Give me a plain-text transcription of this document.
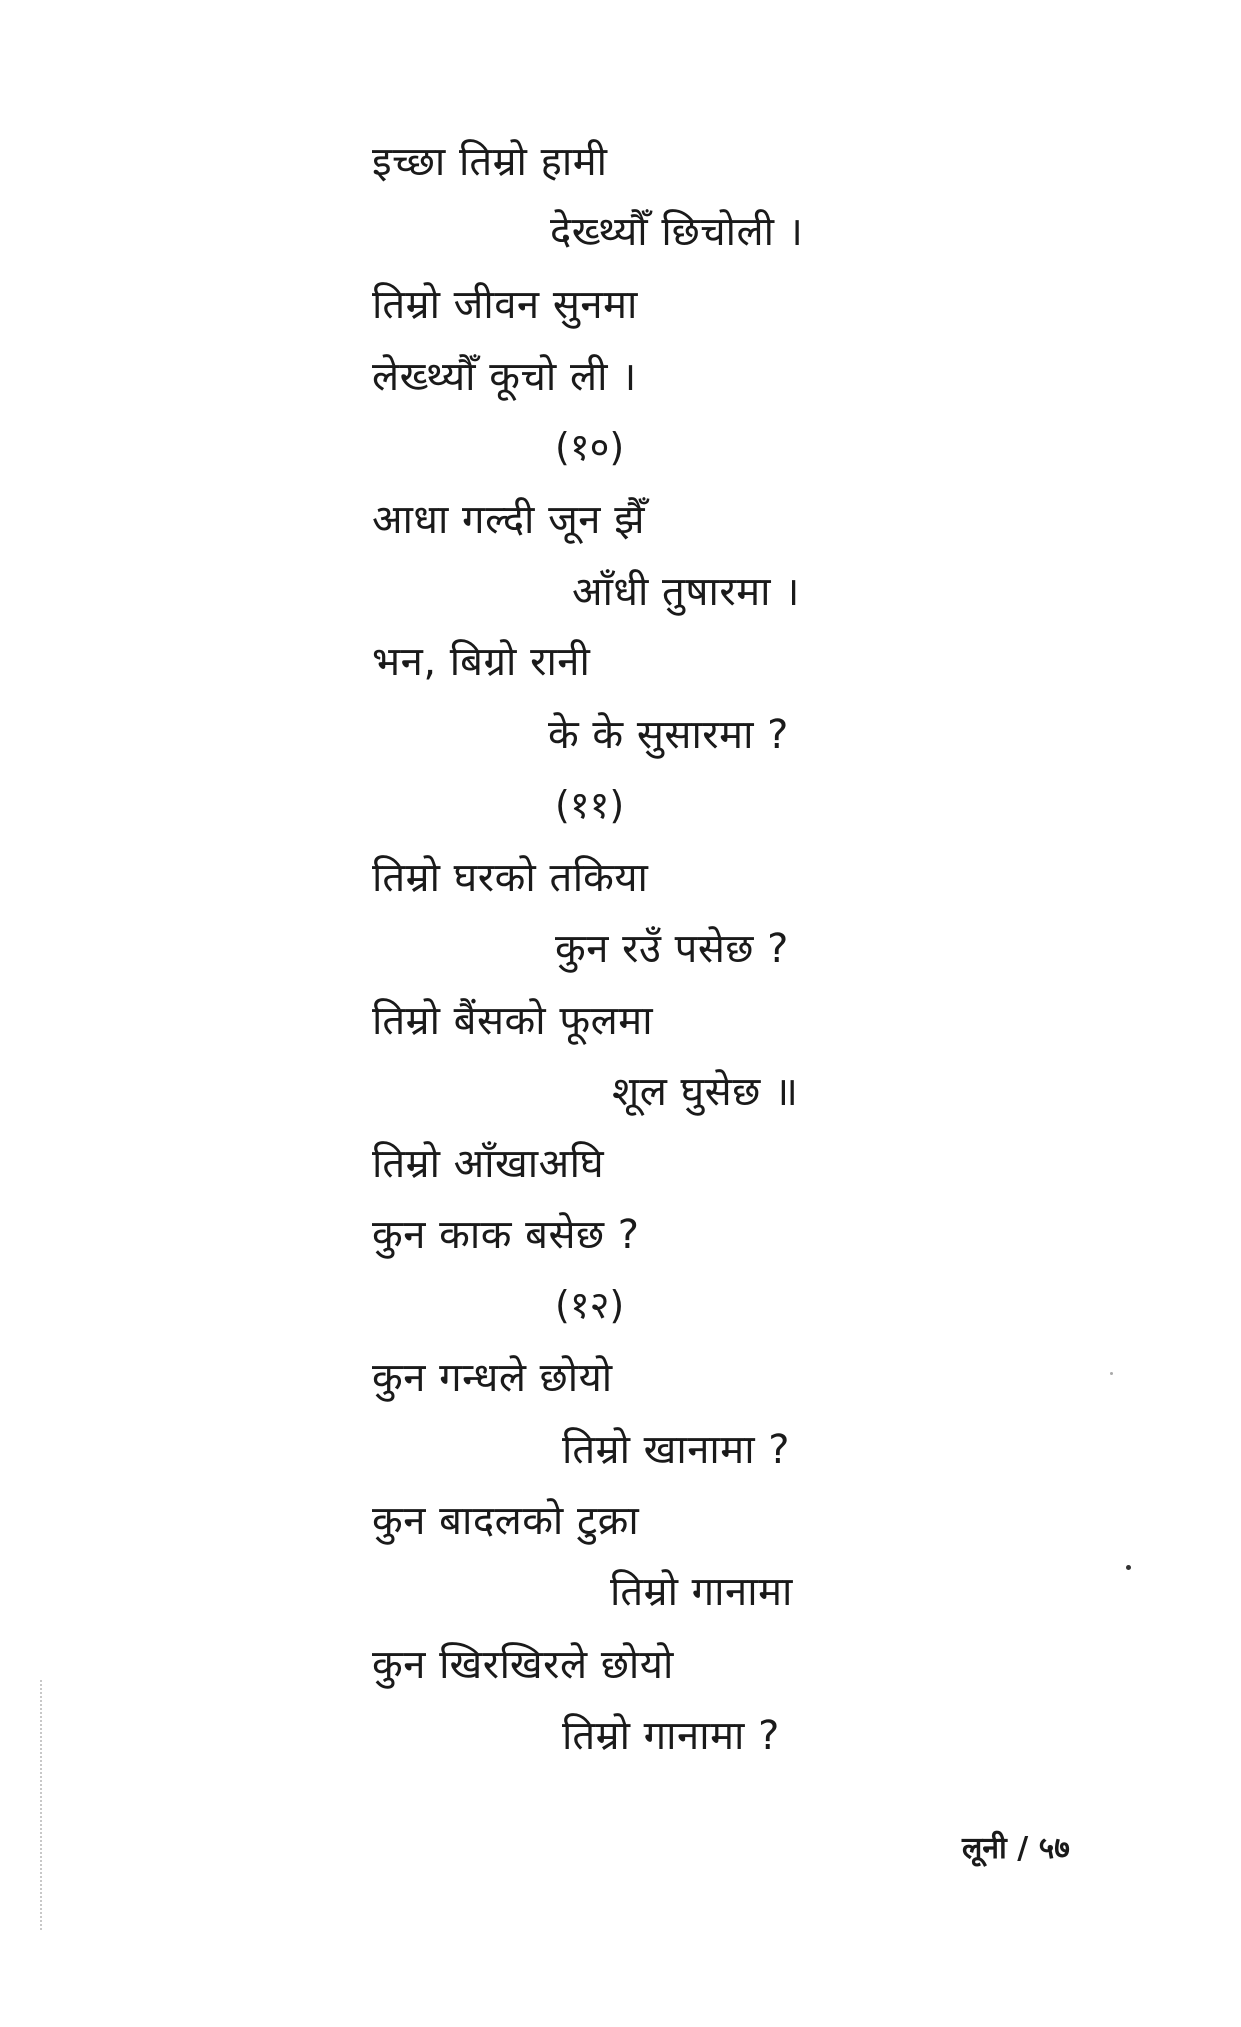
इच्छा तिम्रो हामी
देख्थ्यौँ छिचोली ।
तिम्रो जीवन सुनमा
लेख्थ्यौँ कूचो ली ।
(१०)
आधा गल्दी जून झैँ
आँधी तुषारमा ।
भन, बिग्रो रानी
के के सुसारमा ?
(११)
तिम्रो घरको तकिया
कुन रउँ पसेछ ?
तिम्रो बैंसको फूलमा
शूल घुसेछ ॥
तिम्रो आँखाअघि
कुन काक बसेछ ?
(१२)
कुन गन्धले छोयो
तिम्रो खानामा ?
कुन बादलको टुक्रा
तिम्रो गानामा
कुन खिरखिरले छोयो
तिम्रो गानामा ?
लूनी / ५७
